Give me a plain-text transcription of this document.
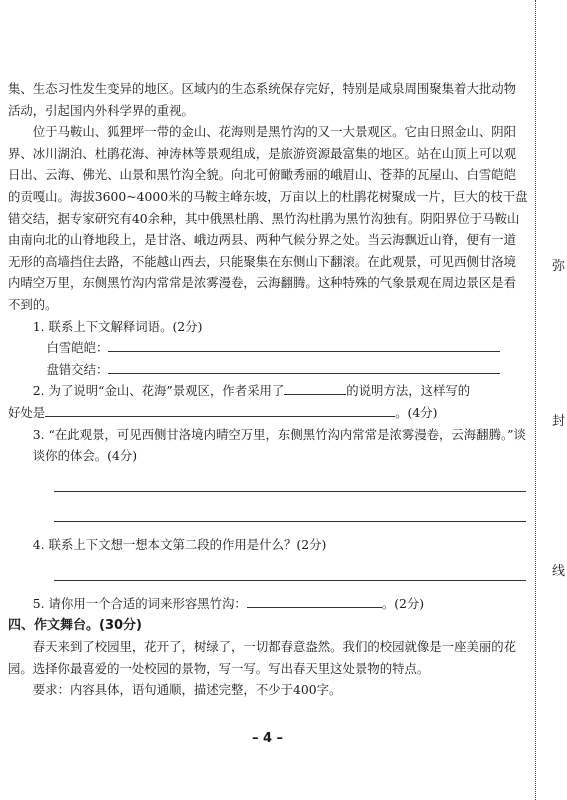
弥
封
线

集、生态习性发生变异的地区。区域内的生态系统保存完好，特别是咸泉周围聚集着大批动物活动，引起国内外科学界的重视。

位于马鞍山、狐狸坪一带的金山、花海则是黑竹沟的又一大景观区。它由日照金山、阴阳界、冰川湖泊、杜鹃花海、神涛林等景观组成，是旅游资源最富集的地区。站在山顶上可以观日出、云海、佛光、山景和黑竹沟全貌。向北可俯瞰秀丽的峨眉山、苍莽的瓦屋山、白雪皑皑的贡嘎山。海拔3600~4000米的马鞍主峰东坡，万亩以上的杜鹃花树聚成一片，巨大的枝干盘错交结，据专家研究有40余种，其中俄黑杜鹃、黑竹沟杜鹃为黑竹沟独有。阴阳界位于马鞍山由南向北的山脊地段上，是甘洛、峨边两县、两种气候分界之处。当云海飘近山脊，便有一道无形的高墙挡住去路，不能越山西去，只能聚集在东侧山下翻滚。在此观景，可见西侧甘洛境内晴空万里，东侧黑竹沟内常常是浓雾漫卷，云海翻腾。这种特殊的气象景观在周边景区是看不到的。

1. 联系上下文解释词语。(2分)

白雪皑皑：
盘错交结：

2. 为了说明“金山、花海”景观区，作者采用了	的说明方法，这样写的

好处是	。(4分)

3. “在此观景，可见西侧甘洛境内晴空万里，东侧黑竹沟内常常是浓雾漫卷，云海翻腾。”谈谈你的体会。(4分)

4. 联系上下文想一想本文第二段的作用是什么？(2分)

5. 请你用一个合适的词来形容黑竹沟：	。(2分)

四、作文舞台。(30分)

春天来到了校园里，花开了，树绿了，一切都春意盎然。我们的校园就像是一座美丽的花园。选择你最喜爱的一处校园的景物，写一写。写出春天里这处景物的特点。

要求：内容具体，语句通顺，描述完整，不少于400字。

– 4 –
